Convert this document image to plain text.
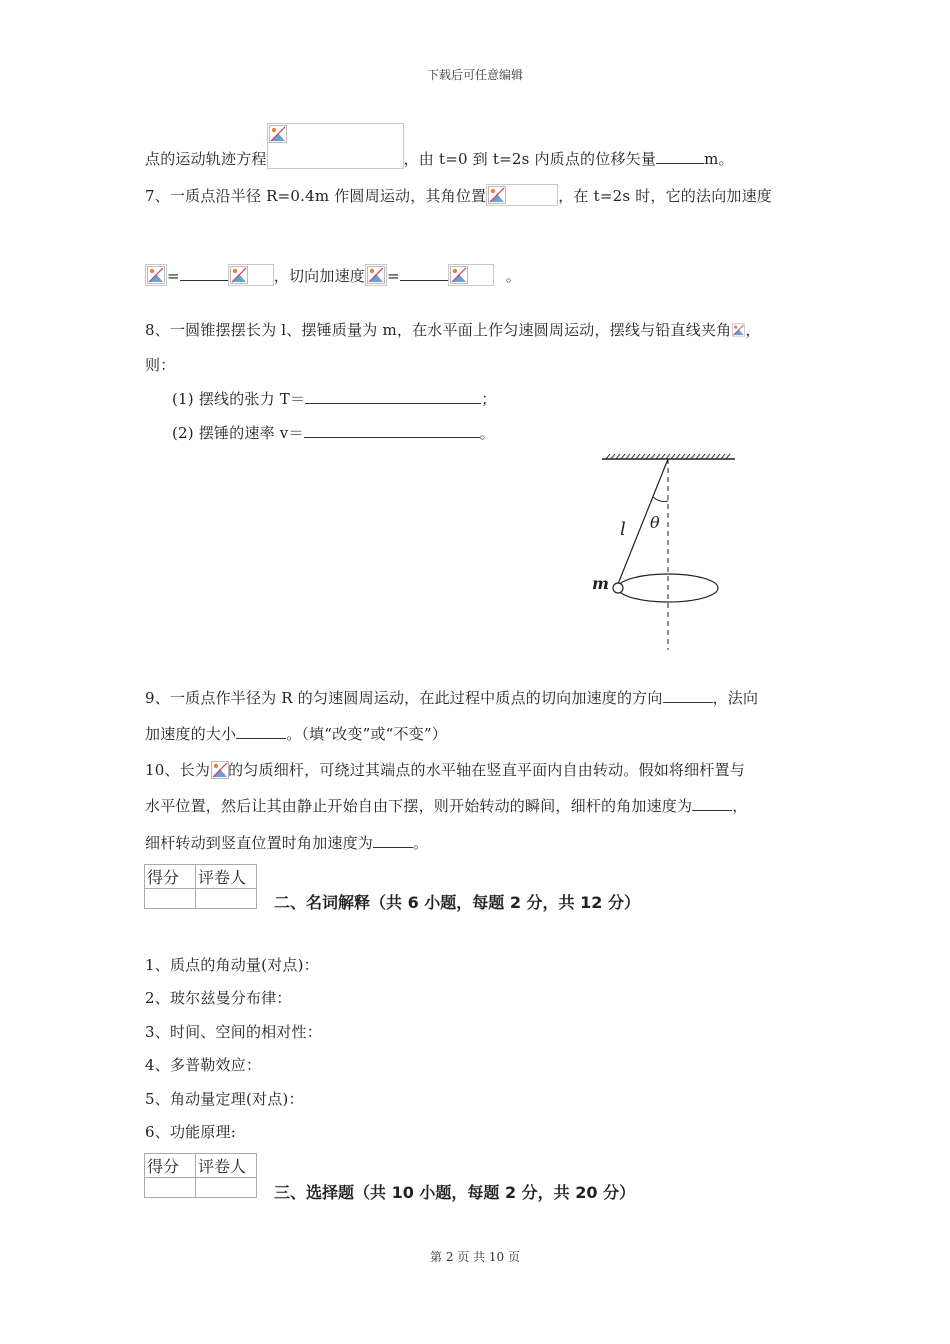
下载后可任意编辑
点的运动轨迹方程	，由 t=0 到 t=2s 内质点的位移矢量	m。
7、一质点沿半径 R=0.4m 作圆周运动，其角位置	，在 t=2s 时，它的法向加速度
=	，切向加速度 =	。
8、一圆锥摆摆长为 l、摆锤质量为 m，在水平面上作匀速圆周运动，摆线与铅直线夹角 ，
则：
(1) 摆线的张力 T＝	；
(2) 摆锤的速率 v＝	。
l θ
m
9、一质点作半径为 R 的匀速圆周运动，在此过程中质点的切向加速度的方向	，法向
加速度的大小	。（填“改变”或“不变”）
10、长为 的匀质细杆，可绕过其端点的水平轴在竖直平面内自由转动。假如将细杆置与
水平位置，然后让其由静止开始自由下摆，则开始转动的瞬间，细杆的角加速度为	，
细杆转动到竖直位置时角加速度为	。
得分	评卷人

二、名词解释（共 6 小题，每题 2 分，共 12 分）
1、质点的角动量(对点)：
2、玻尔兹曼分布律：
3、时间、空间的相对性：
4、多普勒效应：
5、角动量定理(对点)：
6、功能原理:
得分	评卷人

三、选择题（共 10 小题，每题 2 分，共 20 分）
第 2 页 共 10 页
